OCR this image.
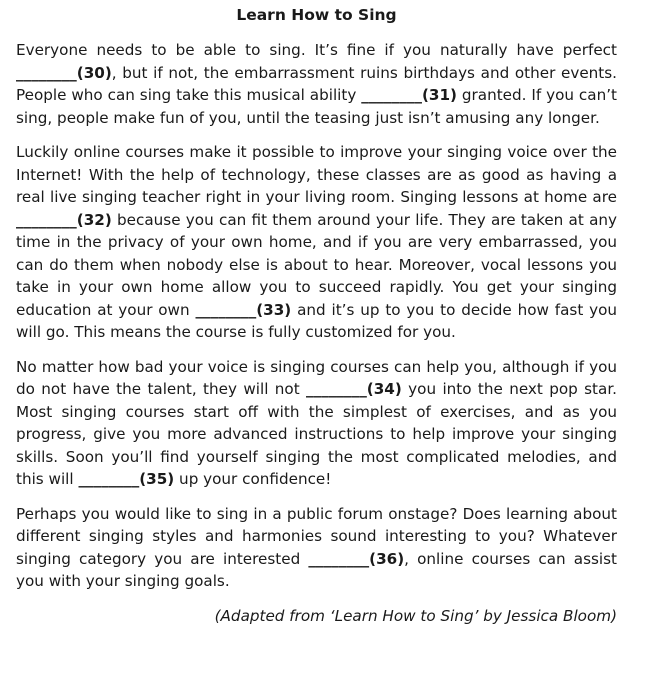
Learn How to Sing
Everyone needs to be able to sing. It’s fine if you naturally have perfect ________(30), but if not, the embarrassment ruins birthdays and other events. People who can sing take this musical ability ________(31) granted. If you can’t sing, people make fun of you, until the teasing just isn’t amusing any longer.
Luckily online courses make it possible to improve your singing voice over the Internet! With the help of technology, these classes are as good as having a real live singing teacher right in your living room. Singing lessons at home are ________(32) because you can fit them around your life. They are taken at any time in the privacy of your own home, and if you are very embarrassed, you can do them when nobody else is about to hear. Moreover, vocal lessons you take in your own home allow you to succeed rapidly. You get your singing education at your own ________(33) and it’s up to you to decide how fast you will go. This means the course is fully customized for you.
No matter how bad your voice is singing courses can help you, although if you do not have the talent, they will not ________(34) you into the next pop star. Most singing courses start off with the simplest of exercises, and as you progress, give you more advanced instructions to help improve your singing skills. Soon you’ll find yourself singing the most complicated melodies, and this will ________(35) up your confidence!
Perhaps you would like to sing in a public forum onstage? Does learning about different singing styles and harmonies sound interesting to you? Whatever singing category you are interested ________(36), online courses can assist you with your singing goals.
(Adapted from ‘Learn How to Sing’ by Jessica Bloom)
